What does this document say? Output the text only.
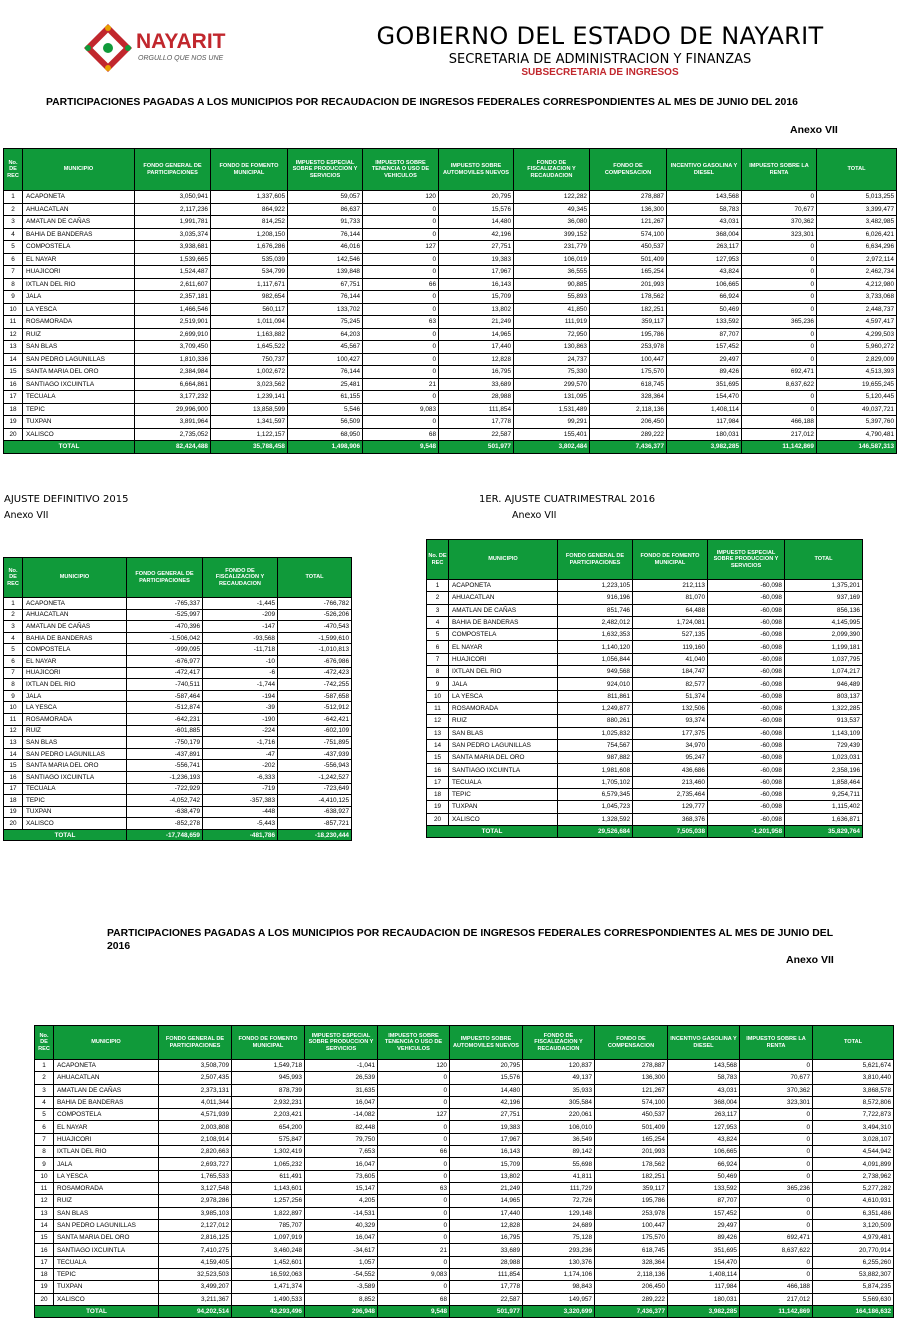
NAYARIT
ORGULLO QUE NOS UNE
GOBIERNO DEL ESTADO DE NAYARIT
SECRETARIA DE ADMINISTRACION Y FINANZAS
SUBSECRETARIA DE INGRESOS
PARTICIPACIONES PAGADAS A LOS MUNICIPIOS POR RECAUDACION DE INGRESOS FEDERALES CORRESPONDIENTES AL MES DE JUNIO DEL 2016
Anexo VII
No. DE REC	MUNICIPIO	FONDO GENERAL DE PARTICIPACIONES	FONDO DE FOMENTO MUNICIPAL	IMPUESTO ESPECIAL SOBRE PRODUCCION Y SERVICIOS	IMPUESTO SOBRE TENENCIA O USO DE VEHICULOS	IMPUESTO SOBRE AUTOMOVILES NUEVOS	FONDO DE FISCALIZACION Y RECAUDACION	FONDO DE COMPENSACION	INCENTIVO GASOLINA Y DIESEL	IMPUESTO SOBRE LA RENTA	TOTAL
1	ACAPONETA	3,050,941	1,337,605	59,057	120	20,795	122,282	278,887	143,568	0	5,013,255
2	AHUACATLAN	2,117,236	864,922	86,637	0	15,576	49,345	136,300	58,783	70,677	3,399,477
3	AMATLAN DE CAÑAS	1,991,781	814,252	91,733	0	14,480	36,080	121,267	43,031	370,362	3,482,985
4	BAHIA DE BANDERAS	3,035,374	1,208,150	76,144	0	42,196	399,152	574,100	368,004	323,301	6,026,421
5	COMPOSTELA	3,938,681	1,676,286	46,016	127	27,751	231,779	450,537	263,117	0	6,634,296
6	EL NAYAR	1,539,665	535,039	142,546	0	19,383	106,019	501,409	127,953	0	2,972,114
7	HUAJICORI	1,524,487	534,799	139,848	0	17,967	36,555	165,254	43,824	0	2,462,734
8	IXTLAN DEL RIO	2,611,607	1,117,671	67,751	66	16,143	90,885	201,993	106,665	0	4,212,980
9	JALA	2,357,181	982,654	76,144	0	15,709	55,893	178,562	66,924	0	3,733,068
10	LA YESCA	1,466,546	560,117	133,702	0	13,802	41,850	182,251	50,469	0	2,448,737
11	ROSAMORADA	2,519,901	1,011,094	75,245	63	21,249	111,919	359,117	133,592	365,236	4,597,417
12	RUIZ	2,699,910	1,163,882	64,203	0	14,965	72,950	195,786	87,707	0	4,299,503
13	SAN BLAS	3,709,450	1,645,522	45,567	0	17,440	130,863	253,978	157,452	0	5,960,272
14	SAN PEDRO LAGUNILLAS	1,810,336	750,737	100,427	0	12,828	24,737	100,447	29,497	0	2,829,009
15	SANTA MARIA DEL ORO	2,384,984	1,002,672	76,144	0	16,795	75,330	175,570	89,426	692,471	4,513,393
16	SANTIAGO IXCUINTLA	6,664,861	3,023,562	25,481	21	33,689	299,570	618,745	351,695	8,637,622	19,655,245
17	TECUALA	3,177,232	1,239,141	61,155	0	28,988	131,095	328,364	154,470	0	5,120,445
18	TEPIC	29,996,900	13,858,599	5,546	9,083	111,854	1,531,489	2,118,136	1,408,114	0	49,037,721
19	TUXPAN	3,891,964	1,341,597	56,509	0	17,778	99,291	206,450	117,984	466,188	5,397,760
20	XALISCO	2,735,052	1,122,157	68,950	68	22,587	155,401	289,222	180,031	217,012	4,790,481
TOTAL		82,424,488	35,788,458	1,498,906	9,548	501,977	3,802,484	7,436,377	3,982,285	11,142,869	146,587,313
AJUSTE DEFINITIVO 2015
Anexo VII
No. DE REC	MUNICIPIO	FONDO GENERAL DE PARTICIPACIONES	FONDO DE FISCALIZACION Y RECAUDACION	TOTAL
1	ACAPONETA	-765,337	-1,445	-766,782
2	AHUACATLAN	-525,997	-209	-526,206
3	AMATLAN DE CAÑAS	-470,396	-147	-470,543
4	BAHIA DE BANDERAS	-1,506,042	-93,568	-1,599,610
5	COMPOSTELA	-999,095	-11,718	-1,010,813
6	EL NAYAR	-676,977	-10	-676,986
7	HUAJICORI	-472,417	-6	-472,423
8	IXTLAN DEL RIO	-740,511	-1,744	-742,255
9	JALA	-587,464	-194	-587,658
10	LA YESCA	-512,874	-39	-512,912
11	ROSAMORADA	-642,231	-190	-642,421
12	RUIZ	-601,885	-224	-602,109
13	SAN BLAS	-750,179	-1,716	-751,895
14	SAN PEDRO LAGUNILLAS	-437,891	-47	-437,939
15	SANTA MARIA DEL ORO	-556,741	-202	-556,943
16	SANTIAGO IXCUINTLA	-1,236,193	-6,333	-1,242,527
17	TECUALA	-722,929	-719	-723,649
18	TEPIC	-4,052,742	-357,383	-4,410,125
19	TUXPAN	-638,479	-448	-638,927
20	XALISCO	-852,278	-5,443	-857,721
TOTAL		-17,748,659	-481,786	-18,230,444
1ER. AJUSTE CUATRIMESTRAL 2016
Anexo VII
No. DE REC	MUNICIPIO	FONDO GENERAL DE PARTICIPACIONES	FONDO DE FOMENTO MUNICIPAL	IMPUESTO ESPECIAL SOBRE PRODUCCION Y SERVICIOS	TOTAL
1	ACAPONETA	1,223,105	212,113	-60,098	1,375,201
2	AHUACATLAN	916,196	81,070	-60,098	937,169
3	AMATLAN DE CAÑAS	851,746	64,488	-60,098	856,136
4	BAHIA DE BANDERAS	2,482,012	1,724,081	-60,098	4,145,995
5	COMPOSTELA	1,632,353	527,135	-60,098	2,099,390
6	EL NAYAR	1,140,120	119,160	-60,098	1,199,181
7	HUAJICORI	1,056,844	41,040	-60,098	1,037,795
8	IXTLAN DEL RIO	949,568	184,747	-60,098	1,074,217
9	JALA	924,010	82,577	-60,098	946,489
10	LA YESCA	811,861	51,374	-60,098	803,137
11	ROSAMORADA	1,249,877	132,506	-60,098	1,322,285
12	RUIZ	880,261	93,374	-60,098	913,537
13	SAN BLAS	1,025,832	177,375	-60,098	1,143,109
14	SAN PEDRO LAGUNILLAS	754,567	34,970	-60,098	729,439
15	SANTA MARIA DEL ORO	987,882	95,247	-60,098	1,023,031
16	SANTIAGO IXCUINTLA	1,981,608	436,686	-60,098	2,358,196
17	TECUALA	1,705,102	213,460	-60,098	1,858,464
18	TEPIC	6,579,345	2,735,464	-60,098	9,254,711
19	TUXPAN	1,045,723	129,777	-60,098	1,115,402
20	XALISCO	1,328,592	368,376	-60,098	1,636,871
TOTAL		29,526,684	7,505,038	-1,201,958	35,829,764
PARTICIPACIONES PAGADAS A LOS MUNICIPIOS POR RECAUDACION DE INGRESOS FEDERALES CORRESPONDIENTES AL MES DE JUNIO DEL 2016
Anexo VII
No. DE REC	MUNICIPIO	FONDO GENERAL DE PARTICIPACIONES	FONDO DE FOMENTO MUNICIPAL	IMPUESTO ESPECIAL SOBRE PRODUCCION Y SERVICIOS	IMPUESTO SOBRE TENENCIA O USO DE VEHICULOS	IMPUESTO SOBRE AUTOMOVILES NUEVOS	FONDO DE FISCALIZACION Y RECAUDACION	FONDO DE COMPENSACION	INCENTIVO GASOLINA Y DIESEL	IMPUESTO SOBRE LA RENTA	TOTAL
1	ACAPONETA	3,508,709	1,549,718	-1,041	120	20,795	120,837	278,887	143,568	0	5,621,674
2	AHUACATLAN	2,507,435	945,993	26,539	0	15,576	49,137	136,300	58,783	70,677	3,810,440
3	AMATLAN DE CAÑAS	2,373,131	878,739	31,635	0	14,480	35,933	121,267	43,031	370,362	3,868,578
4	BAHIA DE BANDERAS	4,011,344	2,932,231	16,047	0	42,196	305,584	574,100	368,004	323,301	8,572,806
5	COMPOSTELA	4,571,939	2,203,421	-14,082	127	27,751	220,061	450,537	263,117	0	7,722,873
6	EL NAYAR	2,003,808	654,200	82,448	0	19,383	106,010	501,409	127,953	0	3,494,310
7	HUAJICORI	2,108,914	575,847	79,750	0	17,967	36,549	165,254	43,824	0	3,028,107
8	IXTLAN DEL RIO	2,820,663	1,302,419	7,653	66	16,143	89,142	201,993	106,665	0	4,544,942
9	JALA	2,693,727	1,065,232	16,047	0	15,709	55,698	178,562	66,924	0	4,091,899
10	LA YESCA	1,765,533	611,491	73,605	0	13,802	41,811	182,251	50,469	0	2,738,962
11	ROSAMORADA	3,127,548	1,143,601	15,147	63	21,249	111,729	359,117	133,592	365,236	5,277,282
12	RUIZ	2,978,286	1,257,256	4,205	0	14,965	72,726	195,786	87,707	0	4,610,931
13	SAN BLAS	3,985,103	1,822,897	-14,531	0	17,440	129,148	253,978	157,452	0	6,351,486
14	SAN PEDRO LAGUNILLAS	2,127,012	785,707	40,329	0	12,828	24,689	100,447	29,497	0	3,120,509
15	SANTA MARIA DEL ORO	2,816,125	1,097,919	16,047	0	16,795	75,128	175,570	89,426	692,471	4,979,481
16	SANTIAGO IXCUINTLA	7,410,275	3,460,248	-34,617	21	33,689	293,236	618,745	351,695	8,637,622	20,770,914
17	TECUALA	4,159,405	1,452,601	1,057	0	28,988	130,376	328,364	154,470	0	6,255,260
18	TEPIC	32,523,503	16,592,063	-54,552	9,083	111,854	1,174,106	2,118,136	1,408,114	0	53,882,307
19	TUXPAN	3,499,207	1,471,374	-3,589	0	17,778	98,843	206,450	117,984	466,188	5,874,235
20	XALISCO	3,211,367	1,490,533	8,852	68	22,587	149,957	289,222	180,031	217,012	5,569,630
TOTAL		94,202,514	43,293,496	296,948	9,548	501,977	3,320,699	7,436,377	3,982,285	11,142,869	164,186,632
